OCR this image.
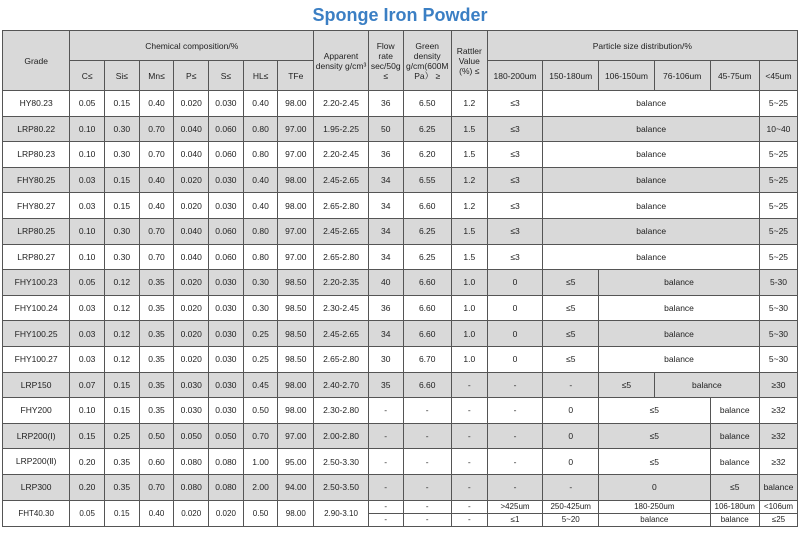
Sponge Iron Powder
Grade	Chemical composition/%							Apparent density g/cm³	Flow rate sec/50g ≤	Green density g/cm(600M Pa） ≥	Rattler Value (%) ≤	Particle size distribution/%					
	C≤	Si≤	Mn≤	P≤	S≤	HL≤	TFe					180-200um	150-180um	106-150um	76-106um	45-75um	<45um
HY80.23	0.05	0.15	0.40	0.020	0.030	0.40	98.00	2.20-2.45	36	6.50	1.2	≤3	balance				5~25
LRP80.22	0.10	0.30	0.70	0.040	0.060	0.80	97.00	1.95-2.25	50	6.25	1.5	≤3	balance				10~40
LRP80.23	0.10	0.30	0.70	0.040	0.060	0.80	97.00	2.20-2.45	36	6.20	1.5	≤3	balance				5~25
FHY80.25	0.03	0.15	0.40	0.020	0.030	0.40	98.00	2.45-2.65	34	6.55	1.2	≤3	balance				5~25
FHY80.27	0.03	0.15	0.40	0.020	0.030	0.40	98.00	2.65-2.80	34	6.60	1.2	≤3	balance				5~25
LRP80.25	0.10	0.30	0.70	0.040	0.060	0.80	97.00	2.45-2.65	34	6.25	1.5	≤3	balance				5~25
LRP80.27	0.10	0.30	0.70	0.040	0.060	0.80	97.00	2.65-2.80	34	6.25	1.5	≤3	balance				5~25
FHY100.23	0.05	0.12	0.35	0.020	0.030	0.30	98.50	2.20-2.35	40	6.60	1.0	0	≤5	balance			5-30
FHY100.24	0.03	0.12	0.35	0.020	0.030	0.30	98.50	2.30-2.45	36	6.60	1.0	0	≤5	balance			5~30
FHY100.25	0.03	0.12	0.35	0.020	0.030	0.25	98.50	2.45-2.65	34	6.60	1.0	0	≤5	balance			5~30
FHY100.27	0.03	0.12	0.35	0.020	0.030	0.25	98.50	2.65-2.80	30	6.70	1.0	0	≤5	balance			5~30
LRP150	0.07	0.15	0.35	0.030	0.030	0.45	98.00	2.40-2.70	35	6.60	-	-	-	≤5	balance		≥30
FHY200	0.10	0.15	0.35	0.030	0.030	0.50	98.00	2.30-2.80	-	-	-	-	0	≤5		balance	≥32
LRP200(Ⅰ)	0.15	0.25	0.50	0.050	0.050	0.70	97.00	2.00-2.80	-	-	-	-	0	≤5		balance	≥32
LRP200(Ⅱ)	0.20	0.35	0.60	0.080	0.080	1.00	95.00	2.50-3.30	-	-	-	-	0	≤5		balance	≥32
LRP300	0.20	0.35	0.70	0.080	0.080	2.00	94.00	2.50-3.50	-	-	-	-	-	0		≤5	balance
FHT40.30	0.05	0.15	0.40	0.020	0.020	0.50	98.00	2.90-3.10	-	-	-	>425um	250-425um	180-250um		106-180um	<106um
									-	-	-	≤1	5~20	balance		balance	≤25
